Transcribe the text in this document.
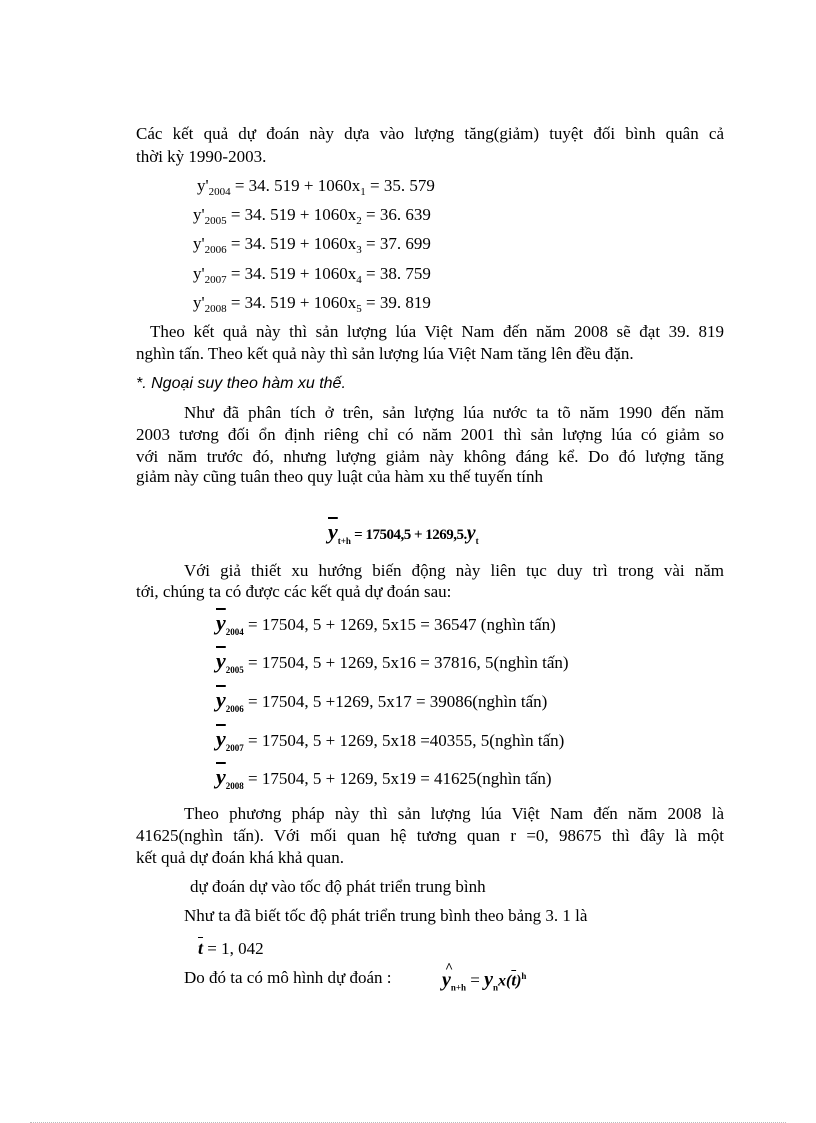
Các kết quả dự đoán này dựa vào lượng tăng(giảm) tuyệt đối bình quân cả
thời kỳ 1990-2003.
$y'_{2004} = 34$. $519 + 1060x_1 = 35$. 579
$y'_{2005} = 34$. $519 + 1060x_2 = 36$. 639
$y'_{2006} = 34$. $519 + 1060x_3 = 37$. 699
$y'_{2007} = 34$. $519 + 1060x_4 = 38$. 759
$y'_{2008} = 34$. $519 + 1060x_5 = 39$. 819
Theo kết quả này thì sản lượng lúa Việt Nam đến năm 2008 sẽ đạt 39. 819
nghìn tấn. Theo kết quả này thì sản lượng lúa Việt Nam tăng lên đều đặn.
*. Ngoại suy theo hàm xu thế.
Như đã phân tích ở trên, sản lượng lúa nước ta tõ năm 1990 đến năm
2003 tương đối ổn định riêng chỉ có năm 2001 thì sản lượng lúa có giảm so
với năm trước đó, nhưng lượng giảm này không đáng kể. Do đó lượng tăng
giảm này cũng tuân theo quy luật của hàm xu thế tuyến tính
$\overline{y}_{t+h} = 17504,5 + 1269,5.y_t$
Với giả thiết xu hướng biến động này liên tục duy trì trong vài năm
tới, chúng ta có được các kết quả dự đoán sau:
$\overline{y}_{2004} = 17504$, 5 + 1269, 5x15 = 36547 (nghìn tấn)
$\overline{y}_{2005} = 17504$, 5 + 1269, 5x16 = 37816, 5(nghìn tấn)
$\overline{y}_{2006} = 17504$, 5 +1269, 5x17 = 39086(nghìn tấn)
$\overline{y}_{2007} = 17504$, 5 + 1269, 5x18 =40355, 5(nghìn tấn)
$\overline{y}_{2008} = 17504$, 5 + 1269, 5x19 = 41625(nghìn tấn)
Theo phương pháp này thì sản lượng lúa Việt Nam đến năm 2008 là
41625(nghìn tấn). Với mối quan hệ tương quan r =0, 98675 thì đây là một
kết quả dự đoán khá khả quan.
dự đoán dự vào tốc độ phát triển trung bình
Như ta đã biết tốc độ phát triển trung bình theo bảng 3. 1 là
$\overline{t} = 1$, 042
Do đó ta có mô hình dự đoán :	^ $y_{n+h} = y_nx(\overline{t})^h$
